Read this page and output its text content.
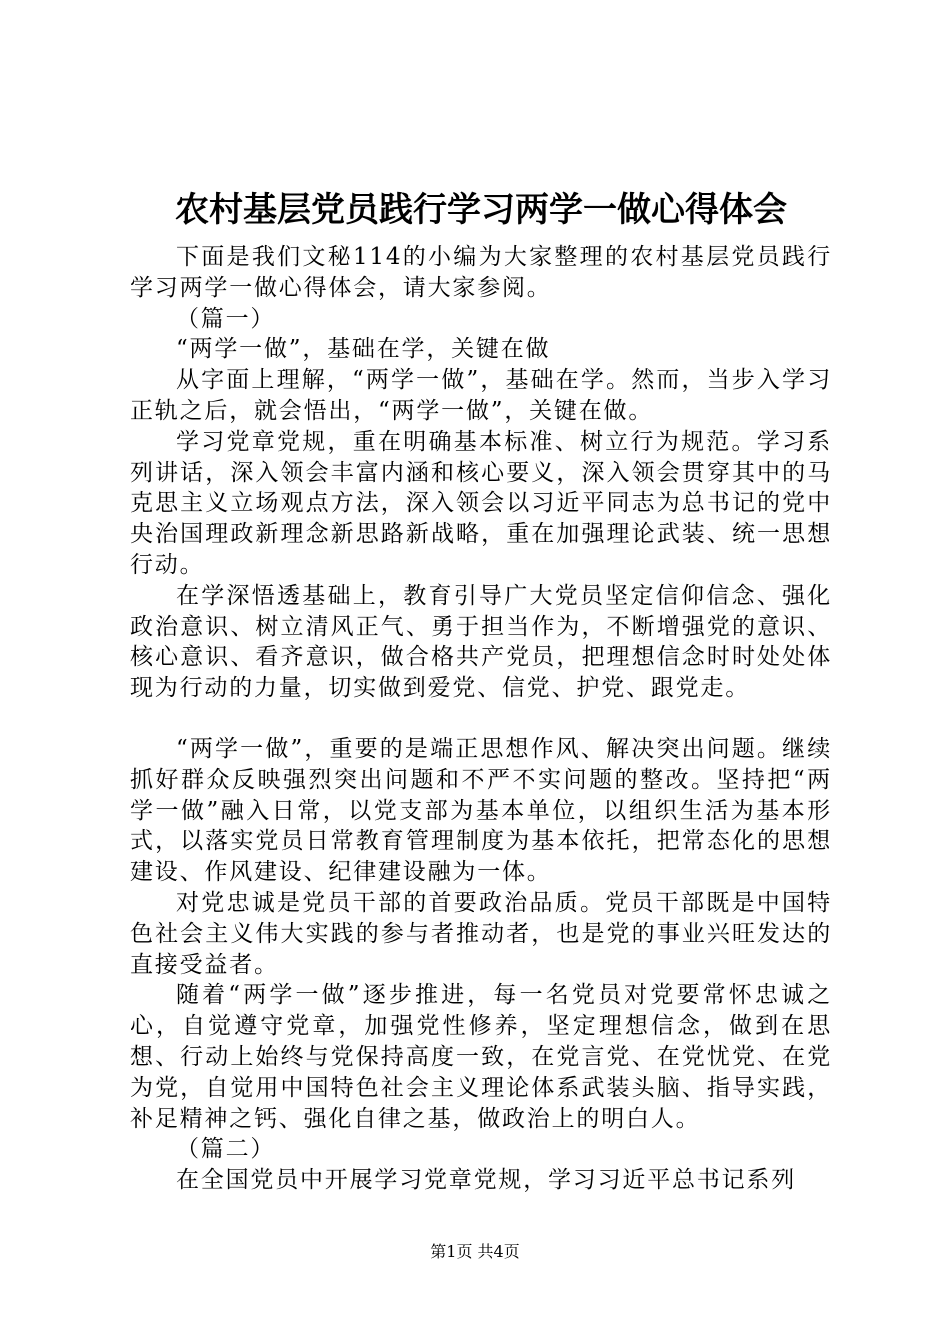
农村基层党员践行学习两学一做心得体会

下面是我们文秘114的小编为大家整理的农村基层党员践行学习两学一做心得体会，请大家参阅。

（篇一）

“两学一做”，基础在学，关键在做

从字面上理解，“两学一做”，基础在学。然而，当步入学习正轨之后，就会悟出，“两学一做”，关键在做。

学习党章党规，重在明确基本标准、树立行为规范。学习系列讲话，深入领会丰富内涵和核心要义，深入领会贯穿其中的马克思主义立场观点方法，深入领会以习近平同志为总书记的党中央治国理政新理念新思路新战略，重在加强理论武装、统一思想行动。

在学深悟透基础上，教育引导广大党员坚定信仰信念、强化政治意识、树立清风正气、勇于担当作为，不断增强党的意识、核心意识、看齐意识，做合格共产党员，把理想信念时时处处体现为行动的力量，切实做到爱党、信党、护党、跟党走。

“两学一做”，重要的是端正思想作风、解决突出问题。继续抓好群众反映强烈突出问题和不严不实问题的整改。坚持把“两学一做”融入日常，以党支部为基本单位，以组织生活为基本形式，以落实党员日常教育管理制度为基本依托，把常态化的思想建设、作风建设、纪律建设融为一体。

对党忠诚是党员干部的首要政治品质。党员干部既是中国特色社会主义伟大实践的参与者推动者，也是党的事业兴旺发达的直接受益者。

随着“两学一做”逐步推进，每一名党员对党要常怀忠诚之心，自觉遵守党章，加强党性修养，坚定理想信念，做到在思想、行动上始终与党保持高度一致，在党言党、在党忧党、在党为党，自觉用中国特色社会主义理论体系武装头脑、指导实践，补足精神之钙、强化自律之基，做政治上的明白人。

（篇二）

在全国党员中开展学习党章党规，学习习近平总书记系列

第1页 共4页
